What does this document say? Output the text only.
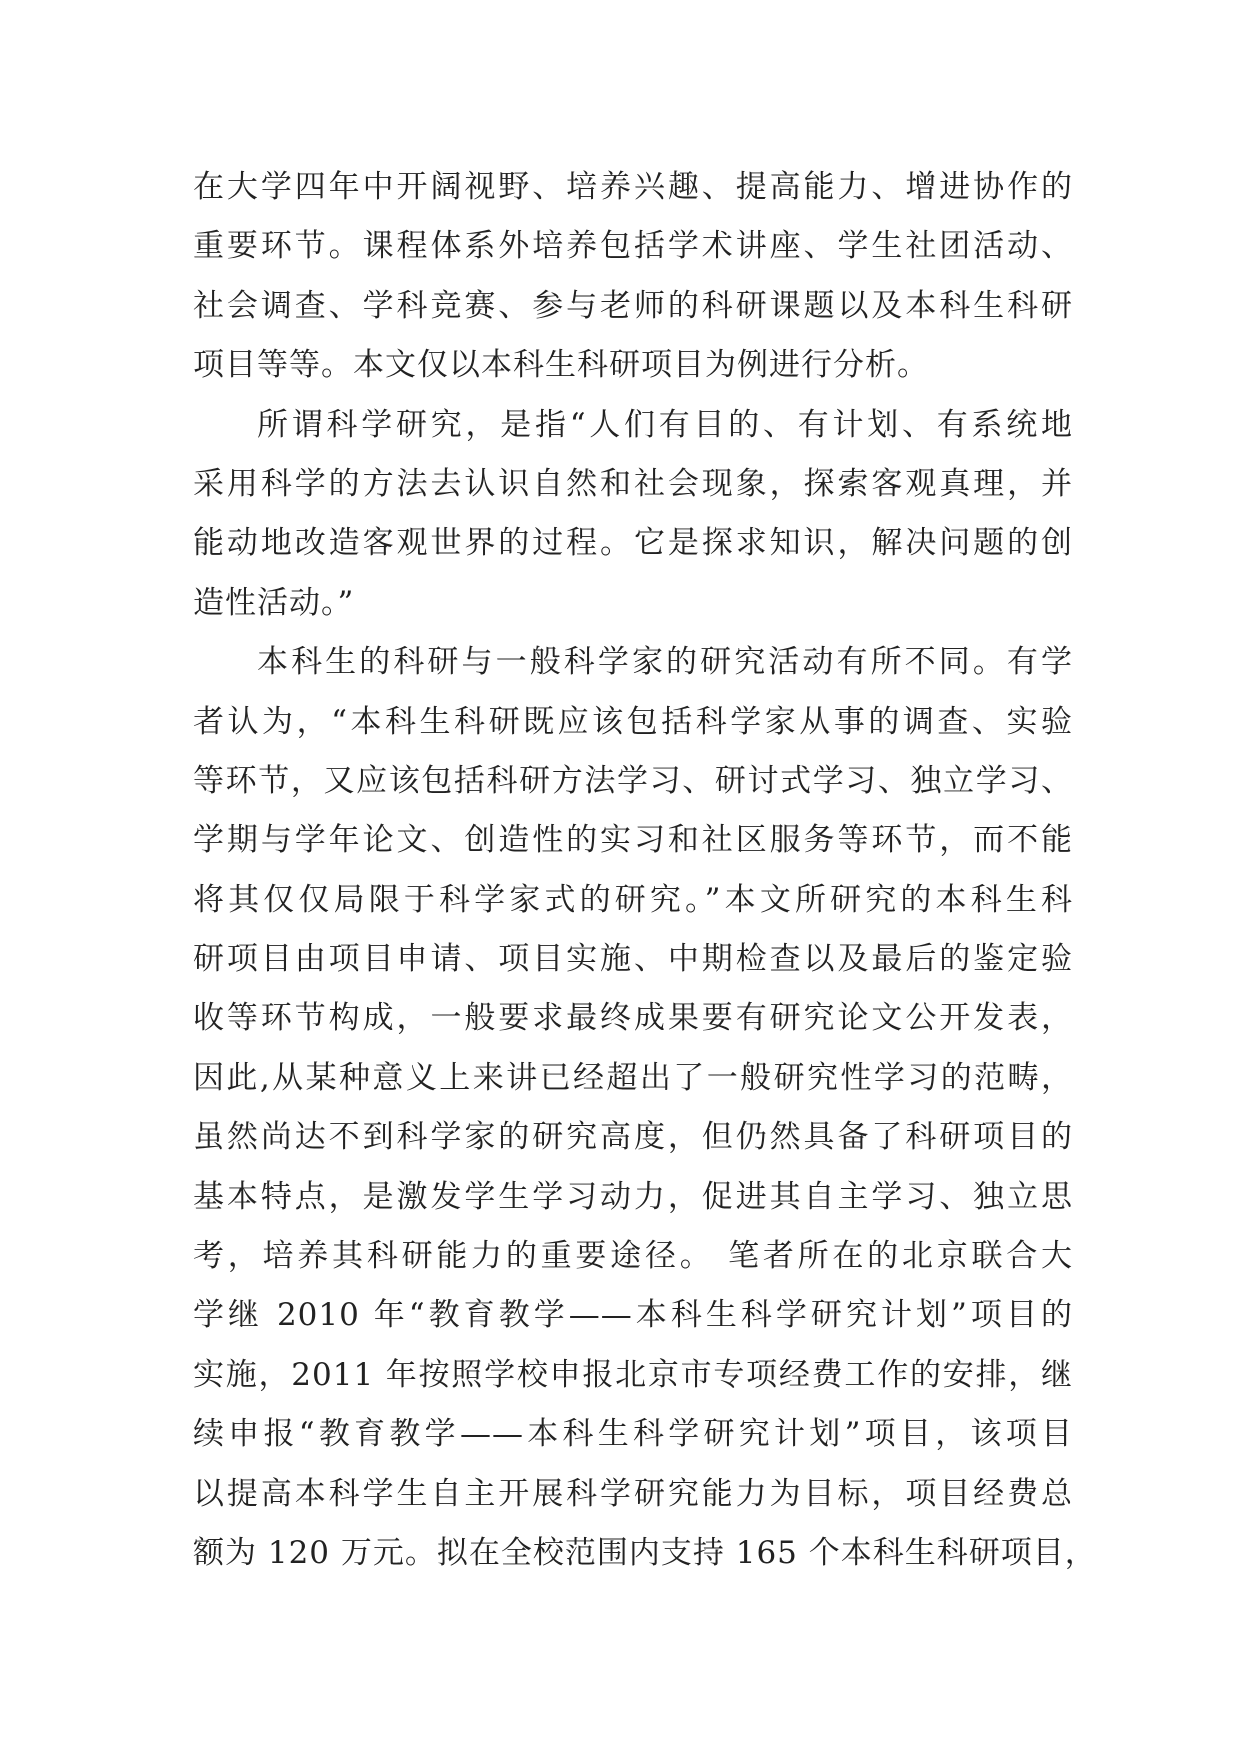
在大学四年中开阔视野、培养兴趣、提高能力、增进协作的
重要环节。课程体系外培养包括学术讲座、学生社团活动、
社会调查、学科竞赛、参与老师的科研课题以及本科生科研
项目等等。本文仅以本科生科研项目为例进行分析。
所谓科学研究，是指“人们有目的、有计划、有系统地
采用科学的方法去认识自然和社会现象，探索客观真理，并
能动地改造客观世界的过程。它是探求知识，解决问题的创
造性活动。”
本科生的科研与一般科学家的研究活动有所不同。有学
者认为，“本科生科研既应该包括科学家从事的调查、实验
等环节，又应该包括科研方法学习、研讨式学习、独立学习、
学期与学年论文、创造性的实习和社区服务等环节，而不能
将其仅仅局限于科学家式的研究。”本文所研究的本科生科
研项目由项目申请、项目实施、中期检查以及最后的鉴定验
收等环节构成，一般要求最终成果要有研究论文公开发表，
因此,从某种意义上来讲已经超出了一般研究性学习的范畴，
虽然尚达不到科学家的研究高度，但仍然具备了科研项目的
基本特点，是激发学生学习动力，促进其自主学习、独立思
考，培养其科研能力的重要途径。 笔者所在的北京联合大
学继 2010 年“教育教学——本科生科学研究计划”项目的
实施，2011 年按照学校申报北京市专项经费工作的安排，继
续申报“教育教学——本科生科学研究计划”项目，该项目
以提高本科学生自主开展科学研究能力为目标，项目经费总
额为 120 万元。拟在全校范围内支持 165 个本科生科研项目，
